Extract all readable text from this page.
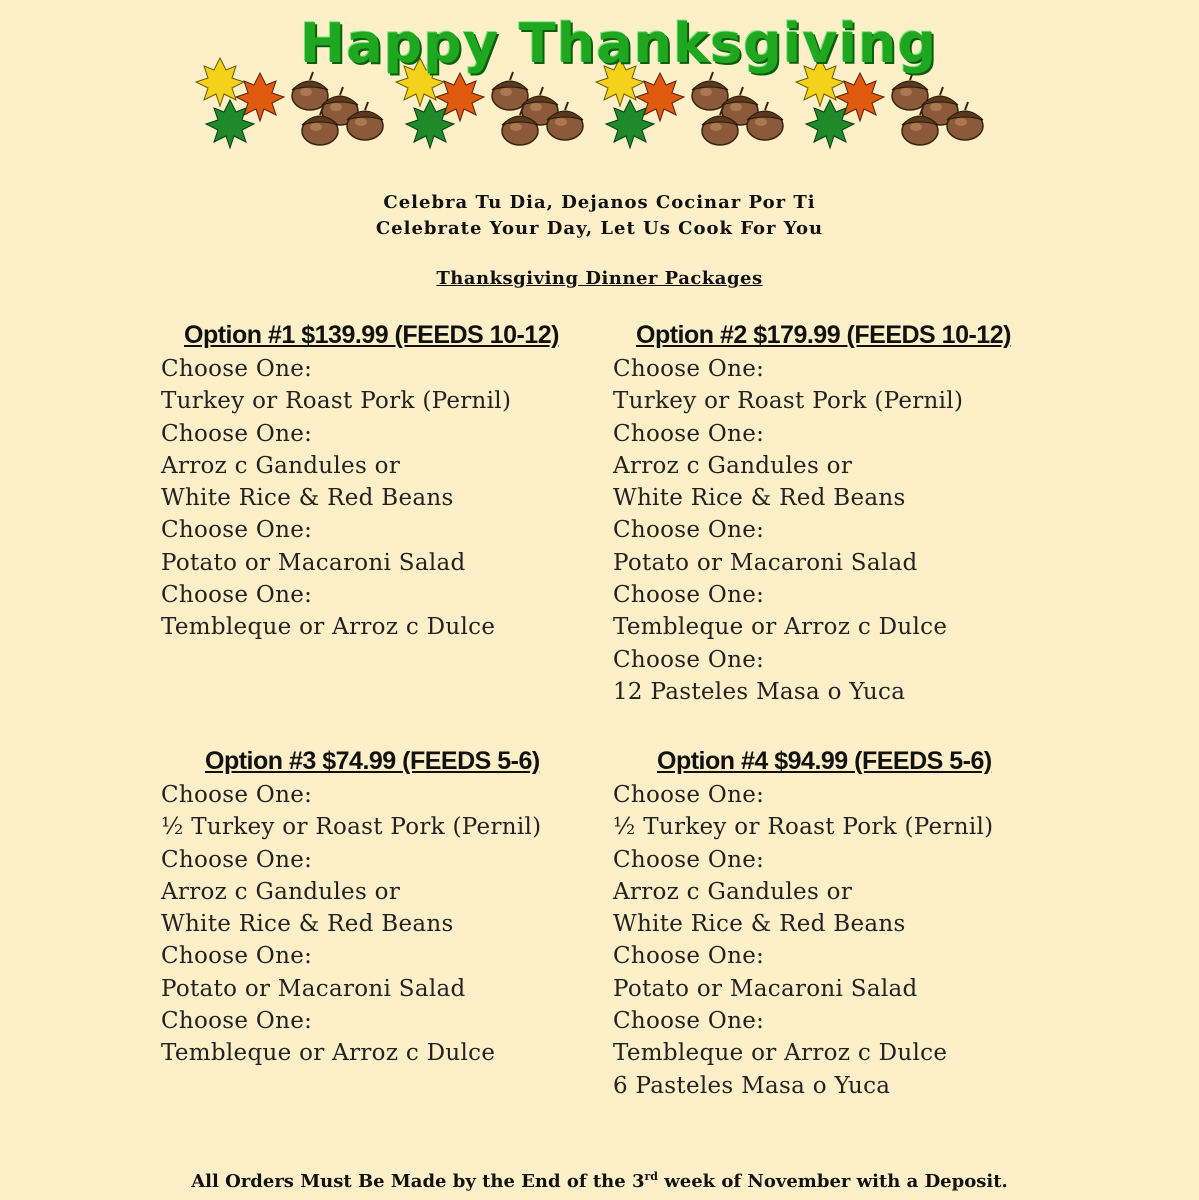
Happy Thanksgiving
Celebra Tu Dia, Dejanos Cocinar Por Ti
Celebrate Your Day, Let Us Cook For You
Thanksgiving Dinner Packages
Option #1 $139.99 (FEEDS 10-12)
Choose One:
Turkey or Roast Pork (Pernil)
Choose One:
Arroz c Gandules or
White Rice & Red Beans
Choose One:
Potato or Macaroni Salad
Choose One:
Tembleque or Arroz c Dulce
Option #2 $179.99 (FEEDS 10-12)
Choose One:
Turkey or Roast Pork (Pernil)
Choose One:
Arroz c Gandules or
White Rice & Red Beans
Choose One:
Potato or Macaroni Salad
Choose One:
Tembleque or Arroz c Dulce
Choose One:
12 Pasteles Masa o Yuca
Option #3 $74.99 (FEEDS 5-6)
Choose One:
½ Turkey or Roast Pork (Pernil)
Choose One:
Arroz c Gandules or
White Rice & Red Beans
Choose One:
Potato or Macaroni Salad
Choose One:
Tembleque or Arroz c Dulce
Option #4 $94.99 (FEEDS 5-6)
Choose One:
½ Turkey or Roast Pork (Pernil)
Choose One:
Arroz c Gandules or
White Rice & Red Beans
Choose One:
Potato or Macaroni Salad
Choose One:
Tembleque or Arroz c Dulce
6 Pasteles Masa o Yuca
All Orders Must Be Made by the End of the 3rd week of November with a Deposit.
